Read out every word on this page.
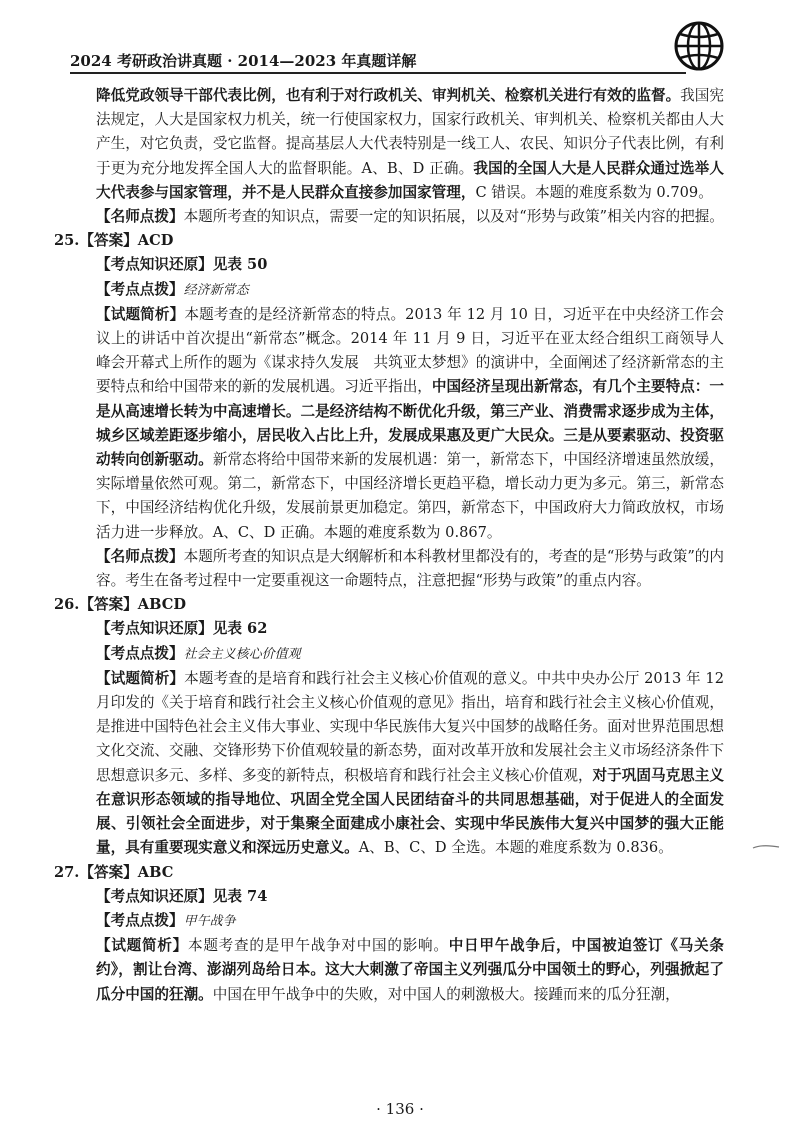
2024 考研政治讲真题 · 2014—2023 年真题详解

降低党政领导干部代表比例，也有利于对行政机关、审判机关、检察机关进行有效的监督。我国宪法规定，人大是国家权力机关，统一行使国家权力，国家行政机关、审判机关、检察机关都由人大产生，对它负责，受它监督。提高基层人大代表特别是一线工人、农民、知识分子代表比例，有利于更为充分地发挥全国人大的监督职能。A、B、D 正确。我国的全国人大是人民群众通过选举人大代表参与国家管理，并不是人民群众直接参加国家管理，C 错误。本题的难度系数为 0.709。

【名师点拨】本题所考查的知识点，需要一定的知识拓展，以及对“形势与政策”相关内容的把握。

25.【答案】ACD

【考点知识还原】见表 50

【考点点拨】经济新常态

【试题简析】本题考查的是经济新常态的特点。2013 年 12 月 10 日，习近平在中央经济工作会议上的讲话中首次提出“新常态”概念。2014 年 11 月 9 日，习近平在亚太经合组织工商领导人峰会开幕式上所作的题为《谋求持久发展　共筑亚太梦想》的演讲中，全面阐述了经济新常态的主要特点和给中国带来的新的发展机遇。习近平指出，中国经济呈现出新常态，有几个主要特点：一是从高速增长转为中高速增长。二是经济结构不断优化升级，第三产业、消费需求逐步成为主体，城乡区域差距逐步缩小，居民收入占比上升，发展成果惠及更广大民众。三是从要素驱动、投资驱动转向创新驱动。新常态将给中国带来新的发展机遇：第一，新常态下，中国经济增速虽然放缓，实际增量依然可观。第二，新常态下，中国经济增长更趋平稳，增长动力更为多元。第三，新常态下，中国经济结构优化升级，发展前景更加稳定。第四，新常态下，中国政府大力简政放权，市场活力进一步释放。A、C、D 正确。本题的难度系数为 0.867。

【名师点拨】本题所考查的知识点是大纲解析和本科教材里都没有的，考查的是“形势与政策”的内容。考生在备考过程中一定要重视这一命题特点，注意把握“形势与政策”的重点内容。

26.【答案】ABCD

【考点知识还原】见表 62

【考点点拨】社会主义核心价值观

【试题简析】本题考查的是培育和践行社会主义核心价值观的意义。中共中央办公厅 2013 年 12 月印发的《关于培育和践行社会主义核心价值观的意见》指出，培育和践行社会主义核心价值观，是推进中国特色社会主义伟大事业、实现中华民族伟大复兴中国梦的战略任务。面对世界范围思想文化交流、交融、交锋形势下价值观较量的新态势，面对改革开放和发展社会主义市场经济条件下思想意识多元、多样、多变的新特点，积极培育和践行社会主义核心价值观，对于巩固马克思主义在意识形态领域的指导地位、巩固全党全国人民团结奋斗的共同思想基础，对于促进人的全面发展、引领社会全面进步，对于集聚全面建成小康社会、实现中华民族伟大复兴中国梦的强大正能量，具有重要现实意义和深远历史意义。A、B、C、D 全选。本题的难度系数为 0.836。

27.【答案】ABC

【考点知识还原】见表 74

【考点点拨】甲午战争

【试题简析】本题考查的是甲午战争对中国的影响。中日甲午战争后，中国被迫签订《马关条约》，割让台湾、澎湖列岛给日本。这大大刺激了帝国主义列强瓜分中国领土的野心，列强掀起了瓜分中国的狂潮。中国在甲午战争中的失败，对中国人的刺激极大。接踵而来的瓜分狂潮，

· 136 ·
